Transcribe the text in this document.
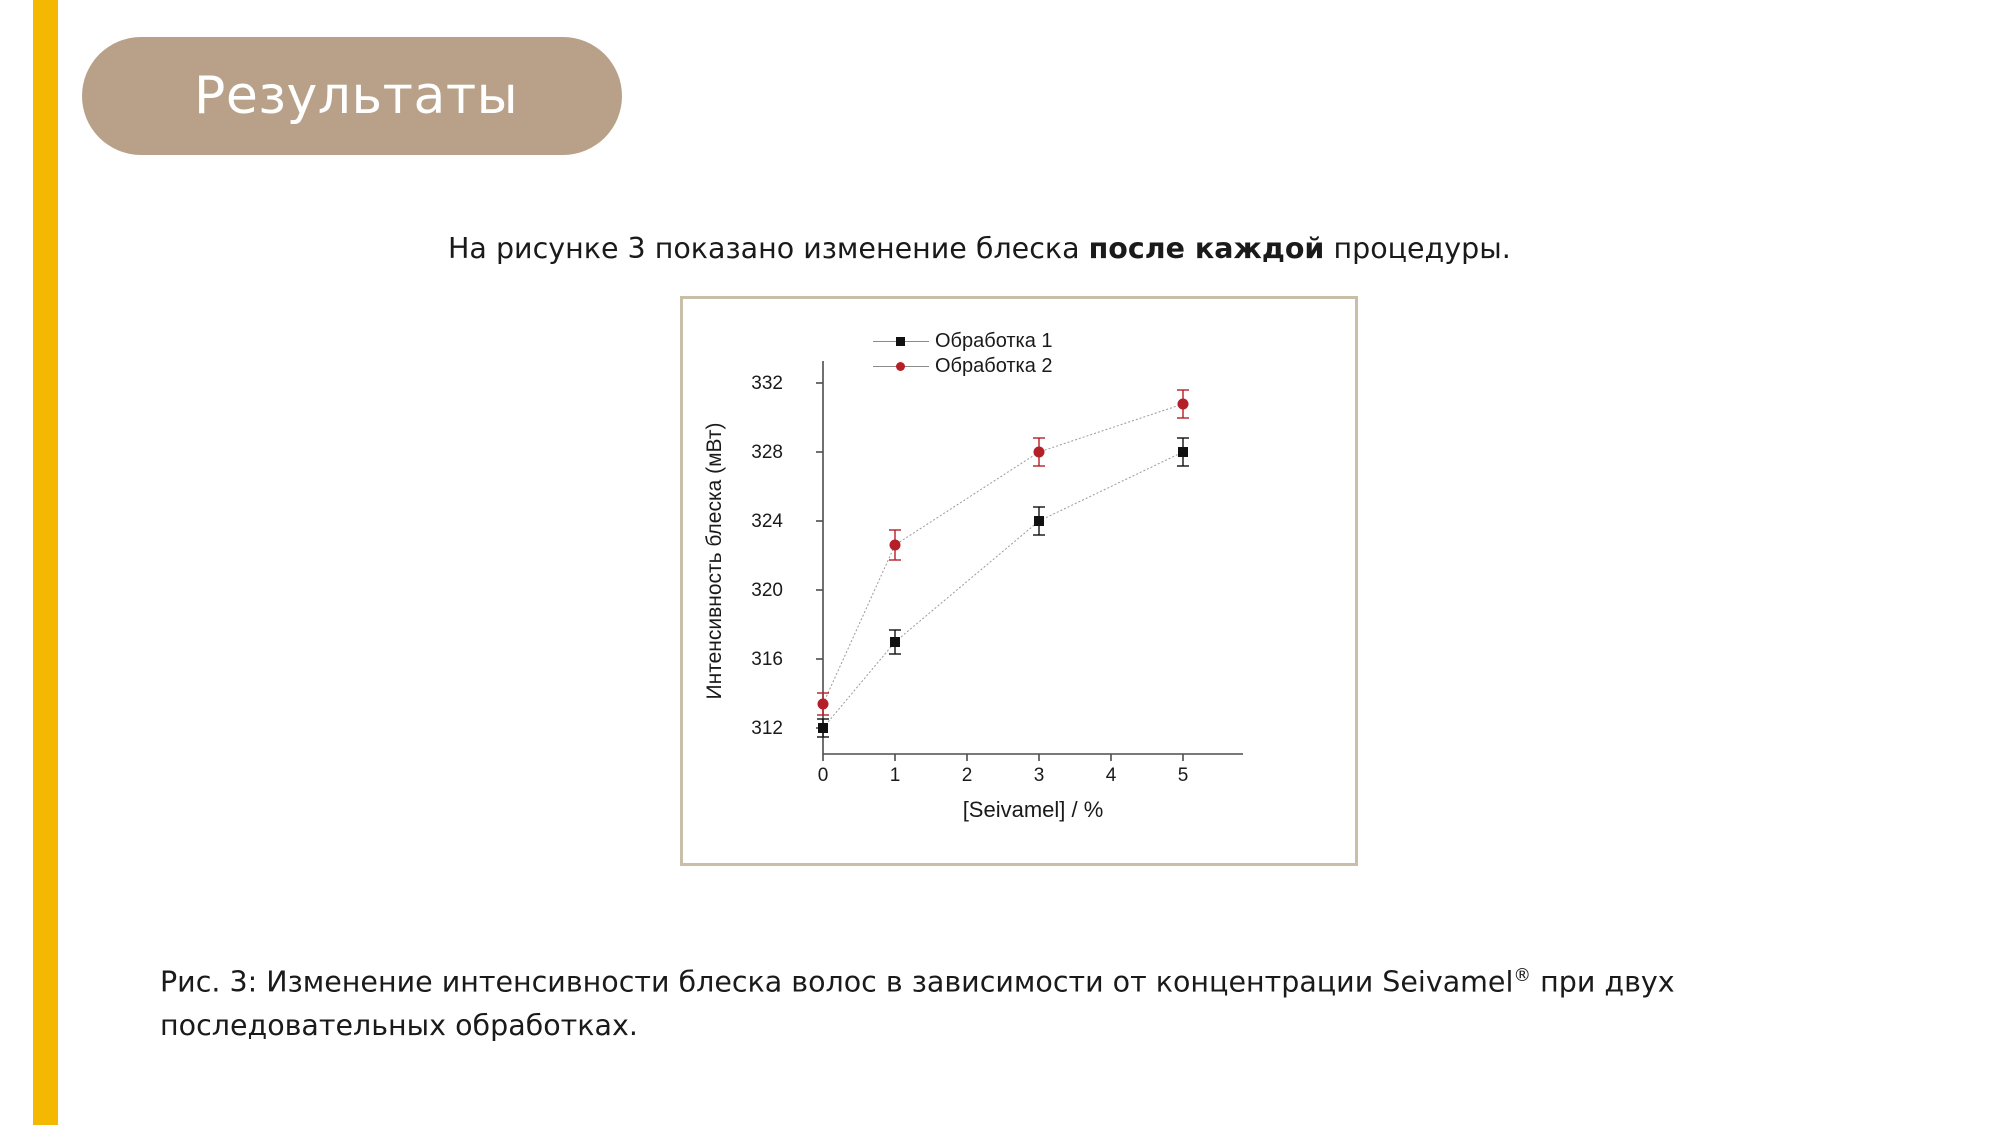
Результаты
На рисунке 3 показано изменение блеска после каждой процедуры.
Интенсивность блеска (мВт)
[Seivamel] / %
332
328
324
320
316
312
0	1	2	3	4	5
Обработка 1
Обработка 2
Рис. 3: Изменение интенсивности блеска волос в зависимости от концентрации Seivamel® при двух
последовательных обработках.
